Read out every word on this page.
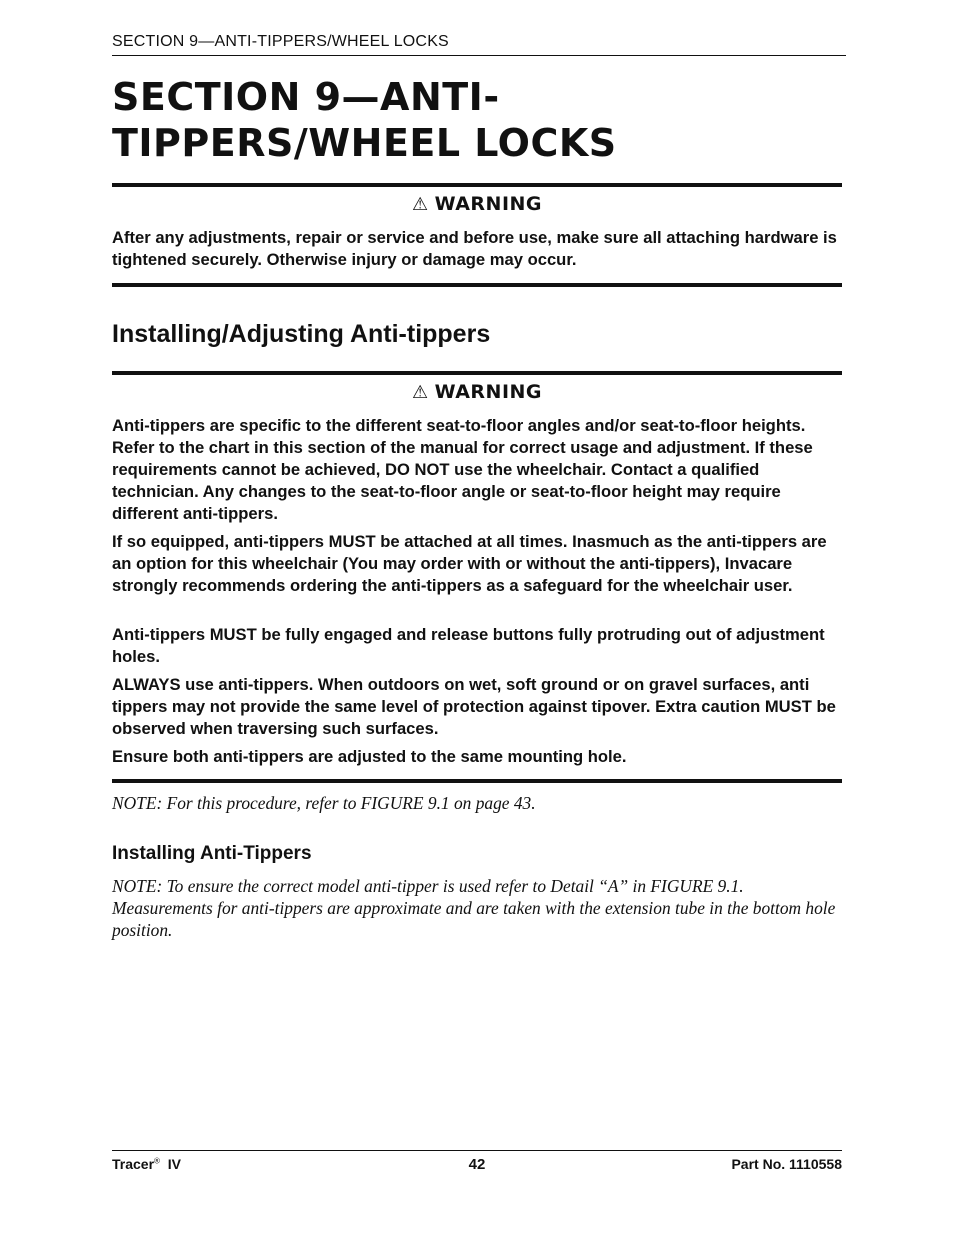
SECTION 9—ANTI-TIPPERS/WHEEL LOCKS
SECTION 9—ANTI-TIPPERS/WHEEL LOCKS
⚠ WARNING

After any adjustments, repair or service and before use, make sure all attaching hardware is tightened securely. Otherwise injury or damage may occur.

Installing/Adjusting Anti-tippers
⚠ WARNING

Anti-tippers are specific to the different seat-to-floor angles and/or seat-to-floor heights. Refer to the chart in this section of the manual for correct usage and adjustment. If these requirements cannot be achieved, DO NOT use the wheelchair. Contact a qualified technician. Any changes to the seat-to-floor angle or seat-to-floor height may require different anti-tippers.

If so equipped, anti-tippers MUST be attached at all times. Inasmuch as the anti-tippers are an option for this wheelchair (You may order with or without the anti-tippers), Invacare strongly recommends ordering the anti-tippers as a safeguard for the wheelchair user.

Anti-tippers MUST be fully engaged and release buttons fully protruding out of adjustment holes.

ALWAYS use anti-tippers. When outdoors on wet, soft ground or on gravel surfaces, anti tippers may not provide the same level of protection against tipover. Extra caution MUST be observed when traversing such surfaces.

Ensure both anti-tippers are adjusted to the same mounting hole.

NOTE: For this procedure, refer to FIGURE 9.1 on page 43.

Installing Anti-Tippers

NOTE: To ensure the correct model anti-tipper is used refer to Detail “A” in FIGURE 9.1. Measurements for anti-tippers are approximate and are taken with the extension tube in the bottom hole position.

Tracer® IV	42	Part No. 1110558
